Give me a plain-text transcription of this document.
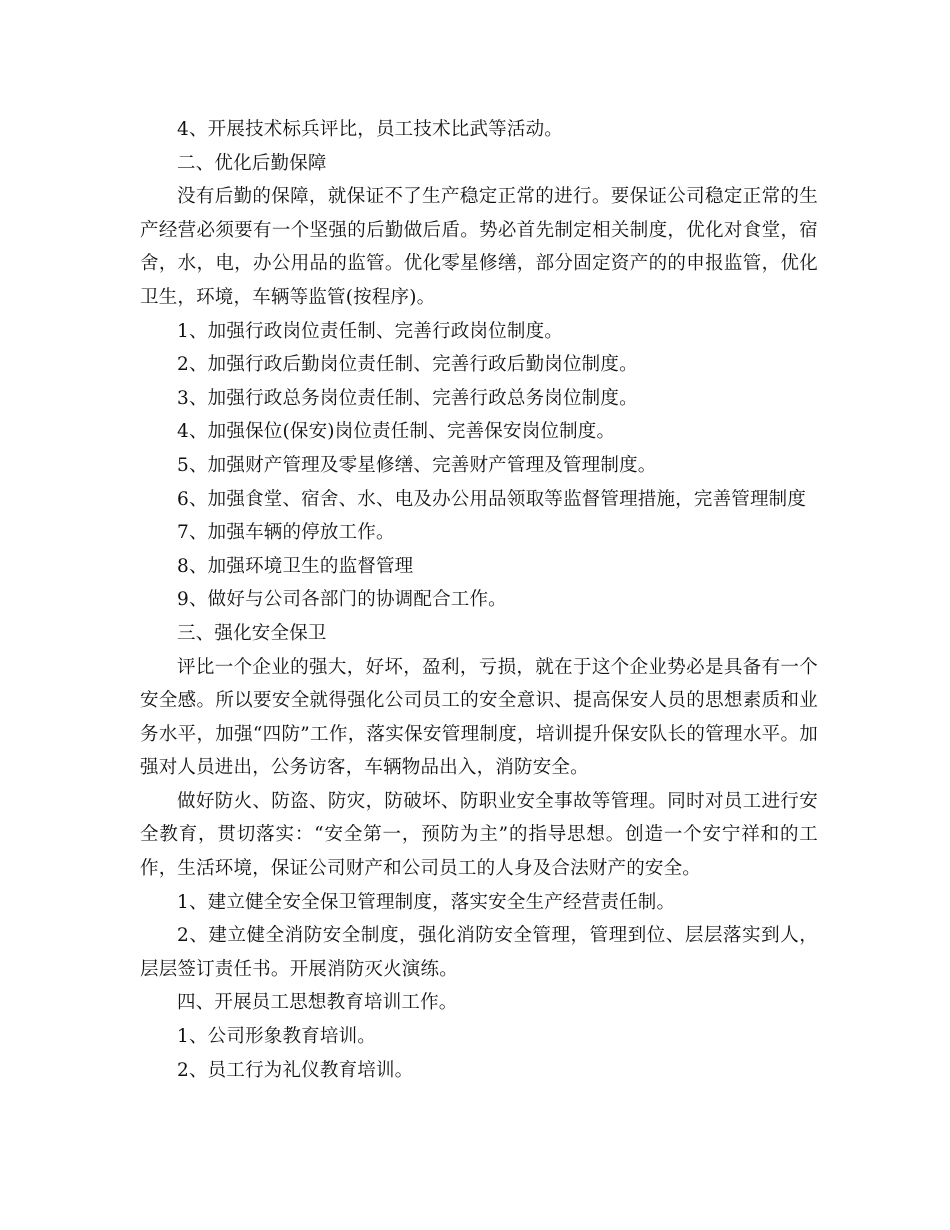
4、开展技术标兵评比，员工技术比武等活动。

二、优化后勤保障

没有后勤的保障，就保证不了生产稳定正常的进行。要保证公司稳定正常的生产经营必须要有一个坚强的后勤做后盾。势必首先制定相关制度，优化对食堂，宿舍，水，电，办公用品的监管。优化零星修缮，部分固定资产的的申报监管，优化卫生，环境，车辆等监管(按程序)。

1、加强行政岗位责任制、完善行政岗位制度。

2、加强行政后勤岗位责任制、完善行政后勤岗位制度。

3、加强行政总务岗位责任制、完善行政总务岗位制度。

4、加强保位(保安)岗位责任制、完善保安岗位制度。

5、加强财产管理及零星修缮、完善财产管理及管理制度。

6、加强食堂、宿舍、水、电及办公用品领取等监督管理措施，完善管理制度

7、加强车辆的停放工作。

8、加强环境卫生的监督管理

9、做好与公司各部门的协调配合工作。

三、强化安全保卫

评比一个企业的强大，好坏，盈利，亏损，就在于这个企业势必是具备有一个安全感。所以要安全就得强化公司员工的安全意识、提高保安人员的思想素质和业务水平，加强“四防”工作，落实保安管理制度，培训提升保安队长的管理水平。加强对人员进出，公务访客，车辆物品出入，消防安全。

做好防火、防盗、防灾，防破坏、防职业安全事故等管理。同时对员工进行安全教育，贯切落实：“安全第一，预防为主”的指导思想。创造一个安宁祥和的工作，生活环境，保证公司财产和公司员工的人身及合法财产的安全。

1、建立健全安全保卫管理制度，落实安全生产经营责任制。

2、建立健全消防安全制度，强化消防安全管理，管理到位、层层落实到人，层层签订责任书。开展消防灭火演练。

四、开展员工思想教育培训工作。

1、公司形象教育培训。

2、员工行为礼仪教育培训。
